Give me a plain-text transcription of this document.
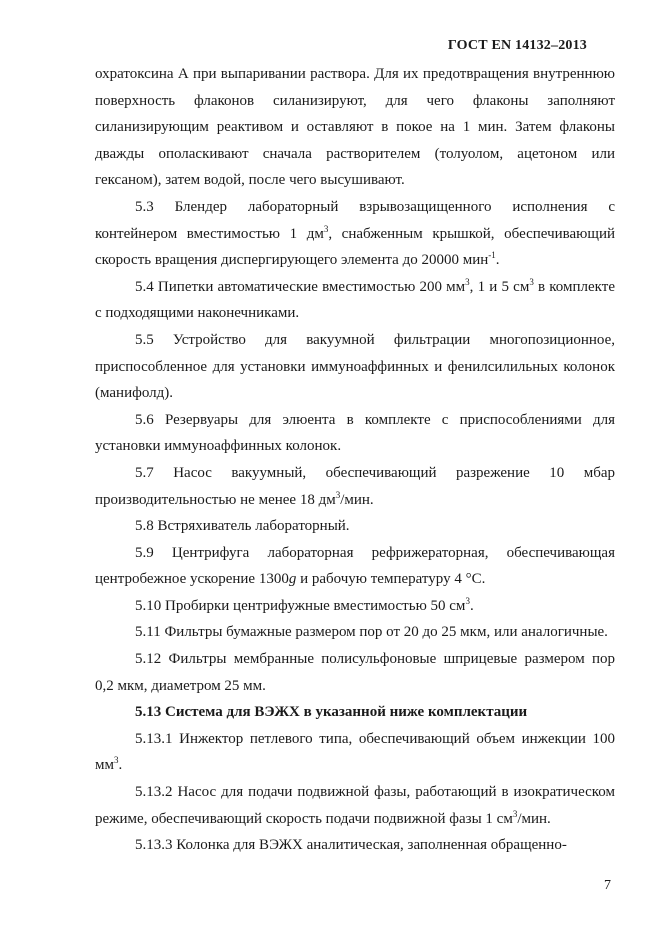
ГОСТ EN 14132–2013

охратоксина А при выпаривании раствора. Для их предотвращения внутреннюю поверхность флаконов силанизируют, для чего флаконы заполняют силанизирующим реактивом и оставляют в покое на 1 мин. Затем флаконы дважды ополаскивают сначала растворителем (толуолом, ацетоном или гексаном), затем водой, после чего высушивают.

5.3 Блендер лабораторный взрывозащищенного исполнения с контейнером вместимостью 1 $дм^3$, снабженным крышкой, обеспечивающий скорость вращения диспергирующего элемента до 20000 мин$^{-1}$.

5.4 Пипетки автоматические вместимостью 200 $мм^3$, 1 и 5 $см^3$ в комплекте с подходящими наконечниками.

5.5 Устройство для вакуумной фильтрации многопозиционное, приспособленное для установки иммуноаффинных и фенилсилильных колонок (манифолд).

5.6 Резервуары для элюента в комплекте с приспособлениями для установки иммуноаффинных колонок.

5.7 Насос вакуумный, обеспечивающий разрежение 10 мбар производительностью не менее 18 $дм^3$/мин.

5.8 Встряхиватель лабораторный.

5.9 Центрифуга лабораторная рефрижераторная, обеспечивающая центробежное ускорение 1300g и рабочую температуру 4 °С.

5.10 Пробирки центрифужные вместимостью 50 $см^3$.

5.11 Фильтры бумажные размером пор от 20 до 25 мкм, или аналогичные.

5.12 Фильтры мембранные полисульфоновые шприцевые размером пор 0,2 мкм, диаметром 25 мм.

5.13 Система для ВЭЖХ в указанной ниже комплектации

5.13.1 Инжектор петлевого типа, обеспечивающий объем инжекции 100 $мм^3$.

5.13.2 Насос для подачи подвижной фазы, работающий в изократическом режиме, обеспечивающий скорость подачи подвижной фазы 1 $см^3$/мин.

5.13.3 Колонка для ВЭЖХ аналитическая, заполненная обращенно-

7
